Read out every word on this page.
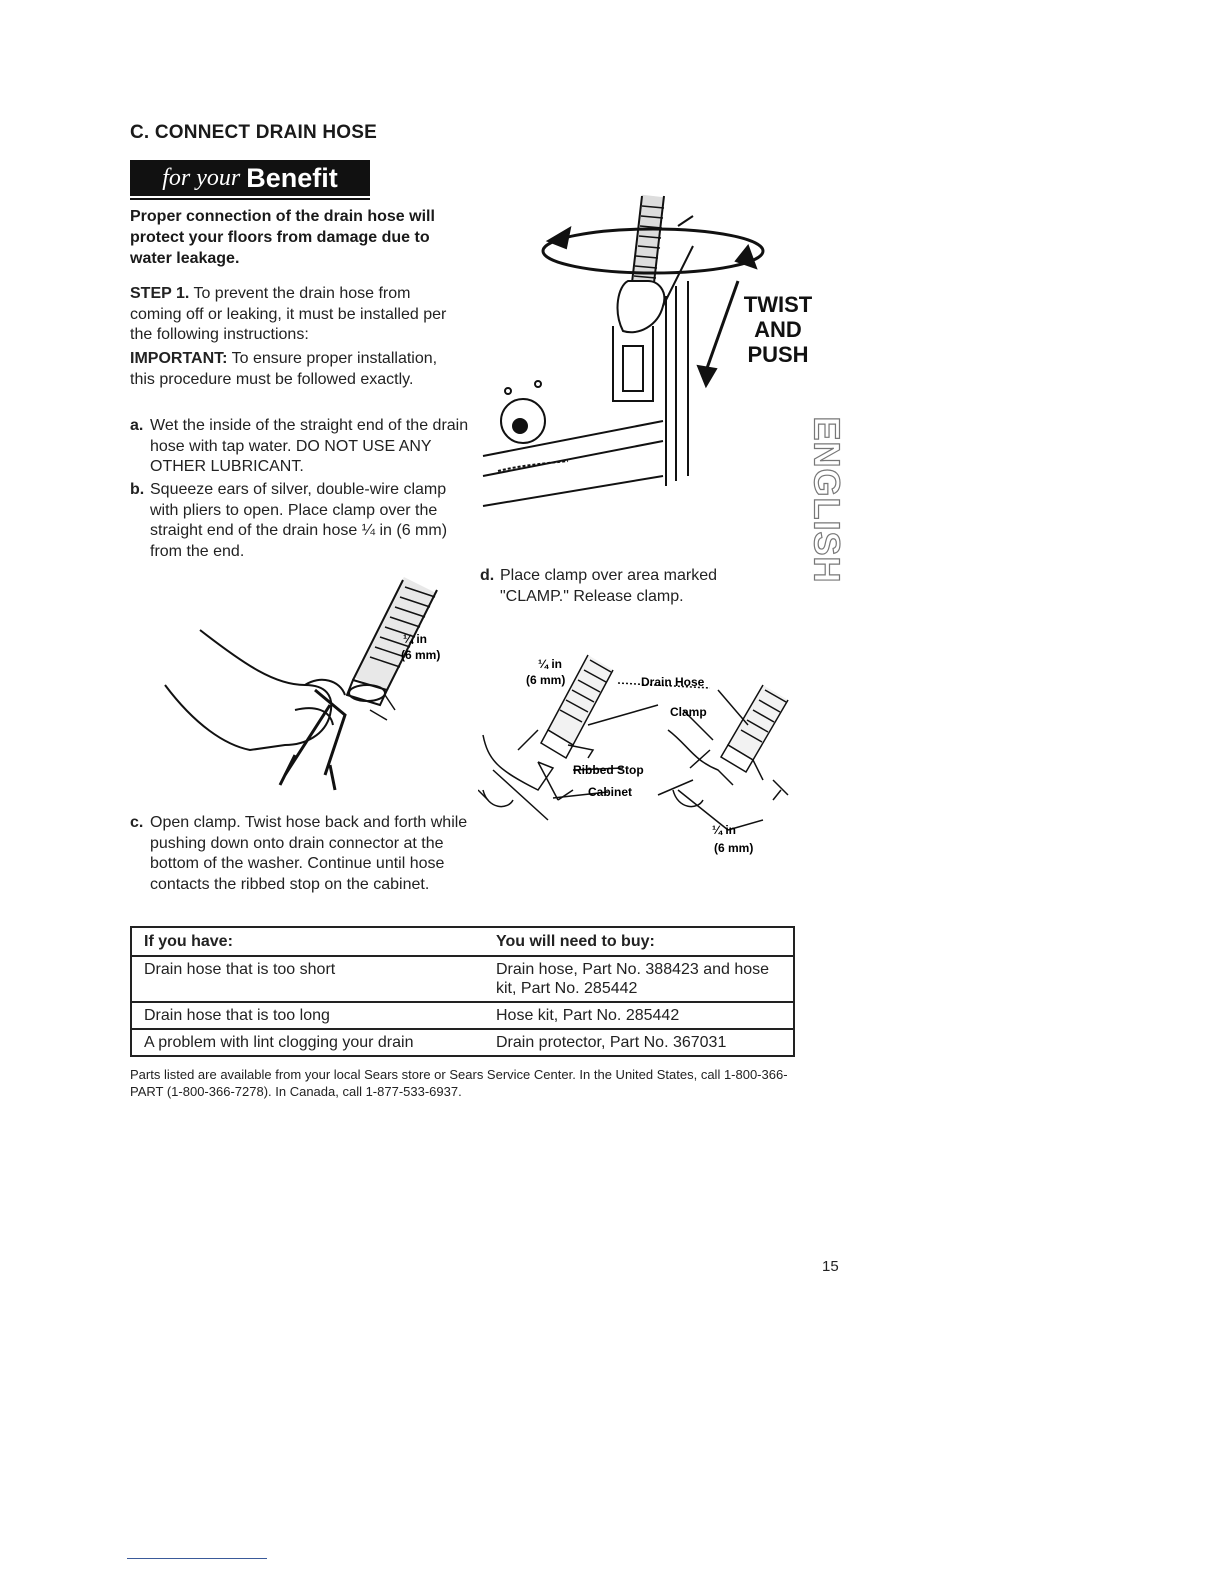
C. CONNECT DRAIN HOSE
for your Benefit
Proper connection of the drain hose will protect your floors from damage due to water leakage.
STEP 1. To prevent the drain hose from coming off or leaking, it must be installed per the following instructions:
IMPORTANT: To ensure proper installation, this procedure must be followed exactly.
a. Wet the inside of the straight end of the drain hose with tap water. DO NOT USE ANY OTHER LUBRICANT.
b. Squeeze ears of silver, double-wire clamp with pliers to open. Place clamp over the straight end of the drain hose ¼ in (6 mm) from the end.
TWIST
AND
PUSH
¼ in
(6 mm)
c. Open clamp. Twist hose back and forth while pushing down onto drain connector at the bottom of the washer. Continue until hose contacts the ribbed stop on the cabinet.
d. Place clamp over area marked "CLAMP." Release clamp.
¼ in
(6 mm)	Drain Hose
Clamp
Ribbed Stop
Cabinet
¼ in
(6 mm)
If you have:	You will need to buy:
Drain hose that is too short	Drain hose, Part No. 388423 and hose kit, Part No. 285442
Drain hose that is too long	Hose kit, Part No. 285442
A problem with lint clogging your drain	Drain protector, Part No. 367031
Parts listed are available from your local Sears store or Sears Service Center. In the United States, call 1-800-366-PART (1-800-366-7278). In Canada, call 1-877-533-6937.
ENGLISH
15
